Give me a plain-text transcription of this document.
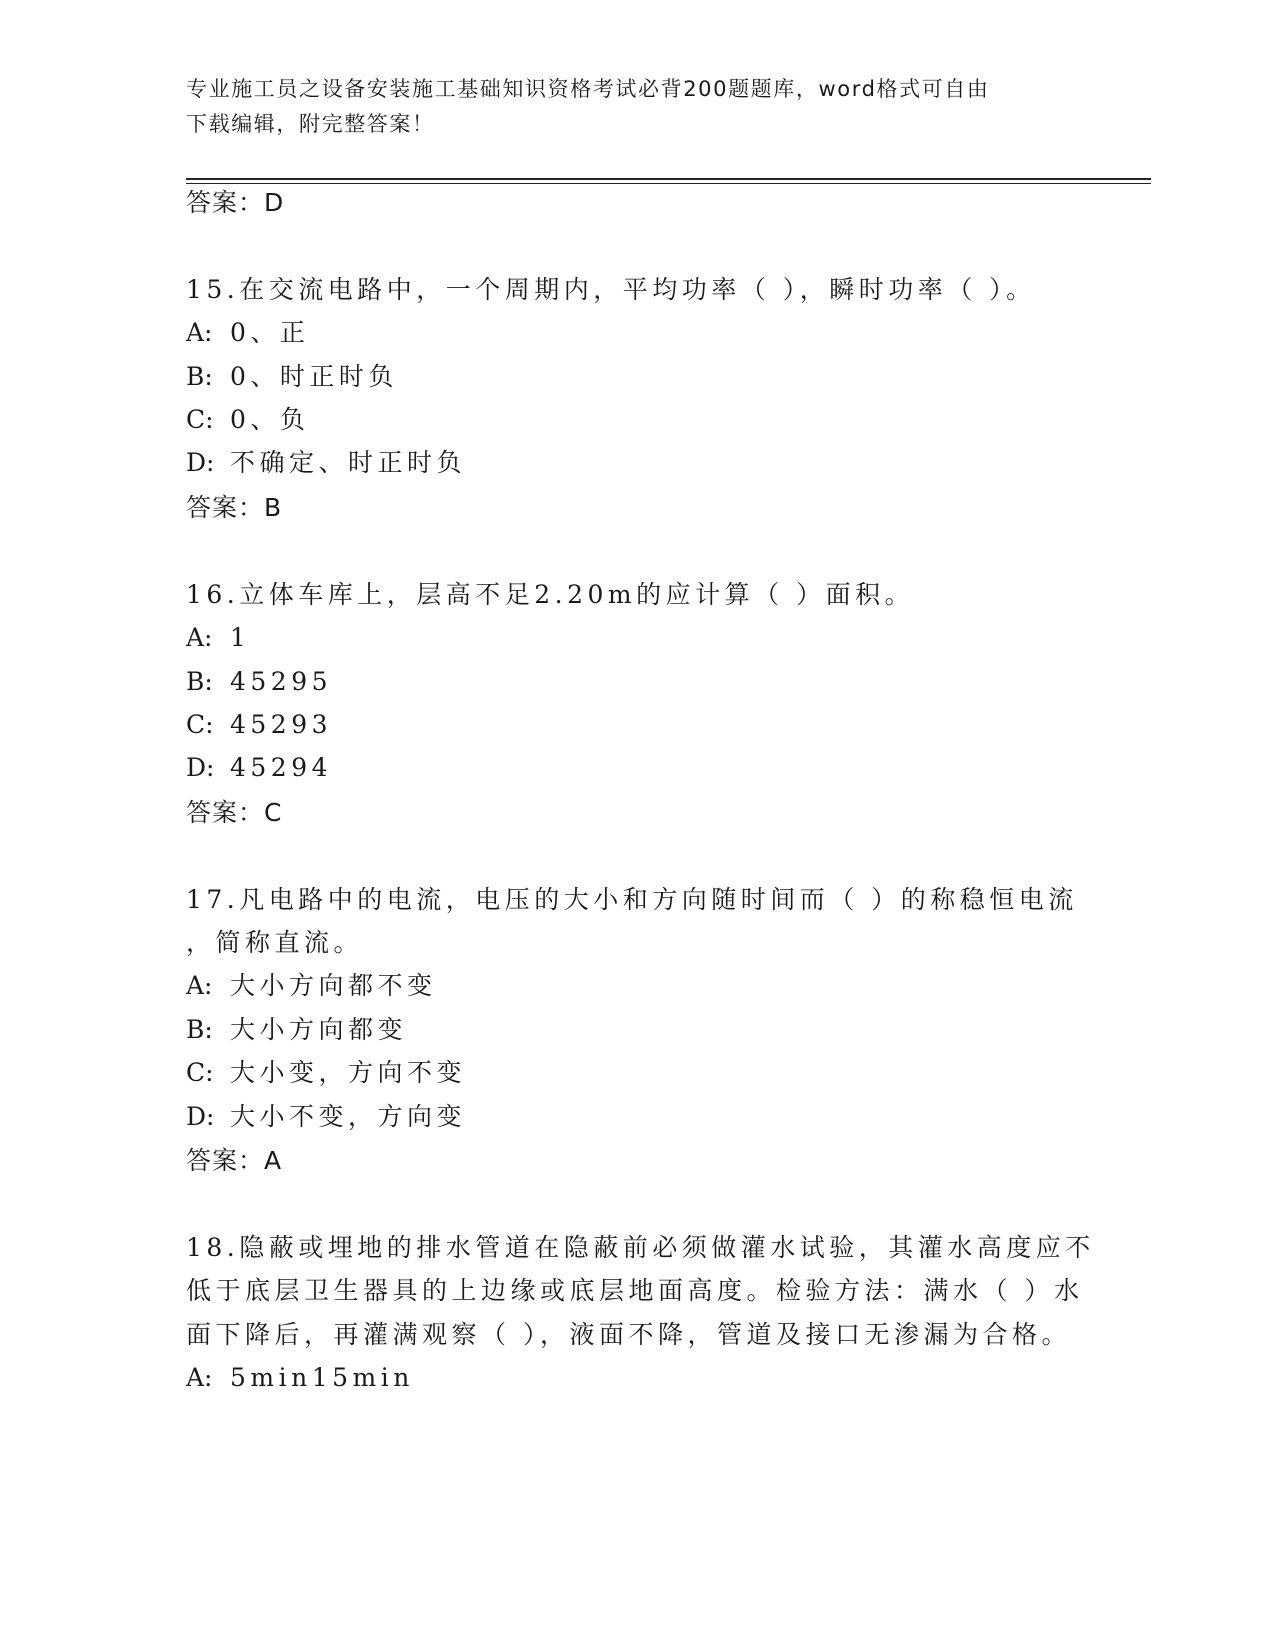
专业施工员之设备安装施工基础知识资格考试必背200题题库，word格式可自由
下载编辑，附完整答案！
答案：D
15.在交流电路中，一个周期内，平均功率（ ），瞬时功率（ ）。
A: 0、正
B: 0、时正时负
C: 0、负
D: 不确定、时正时负
答案：B
16.立体车库上，层高不足2.20m的应计算（ ）面积。
A: 1
B: 45295
C: 45293
D: 45294
答案：C
17.凡电路中的电流，电压的大小和方向随时间而（ ）的称稳恒电流
，简称直流。
A: 大小方向都不变
B: 大小方向都变
C: 大小变，方向不变
D: 大小不变，方向变
答案：A
18.隐蔽或埋地的排水管道在隐蔽前必须做灌水试验，其灌水高度应不
低于底层卫生器具的上边缘或底层地面高度。检验方法：满水（ ）水
面下降后，再灌满观察（ ），液面不降，管道及接口无渗漏为合格。
A: 5min15min
